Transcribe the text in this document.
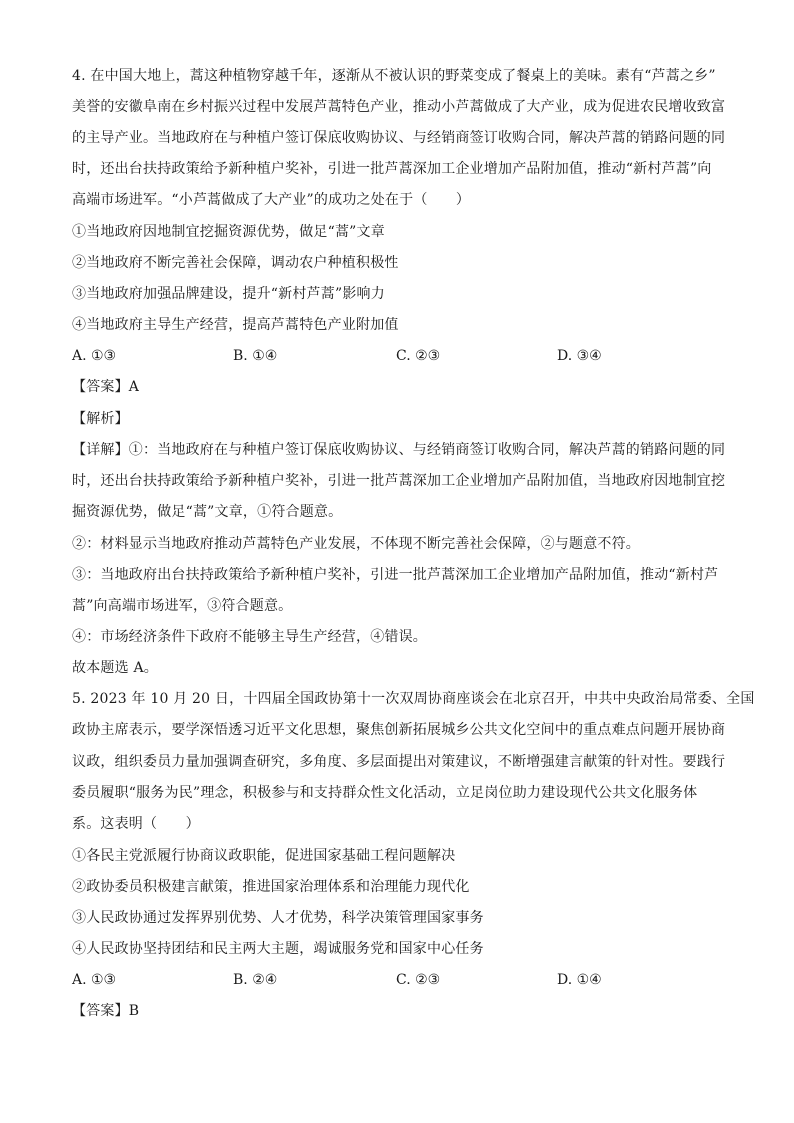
4. 在中国大地上，蒿这种植物穿越千年，逐渐从不被认识的野菜变成了餐桌上的美味。素有“芦蒿之乡”
美誉的安徽阜南在乡村振兴过程中发展芦蒿特色产业，推动小芦蒿做成了大产业，成为促进农民增收致富
的主导产业。当地政府在与种植户签订保底收购协议、与经销商签订收购合同，解决芦蒿的销路问题的同
时，还出台扶持政策给予新种植户奖补，引进一批芦蒿深加工企业增加产品附加值，推动“新村芦蒿”向
高端市场进军。“小芦蒿做成了大产业”的成功之处在于（　　）
①当地政府因地制宜挖掘资源优势，做足“蒿”文章
②当地政府不断完善社会保障，调动农户种植积极性
③当地政府加强品牌建设，提升“新村芦蒿”影响力
④当地政府主导生产经营，提高芦蒿特色产业附加值
A. ①③	B. ①④	C. ②③	D. ③④
【答案】A
【解析】
【详解】①：当地政府在与种植户签订保底收购协议、与经销商签订收购合同，解决芦蒿的销路问题的同
时，还出台扶持政策给予新种植户奖补，引进一批芦蒿深加工企业增加产品附加值，当地政府因地制宜挖
掘资源优势，做足“蒿”文章，①符合题意。
②：材料显示当地政府推动芦蒿特色产业发展，不体现不断完善社会保障，②与题意不符。
③：当地政府出台扶持政策给予新种植户奖补，引进一批芦蒿深加工企业增加产品附加值，推动“新村芦
蒿”向高端市场进军，③符合题意。
④：市场经济条件下政府不能够主导生产经营，④错误。
故本题选 A。
5. 2023 年 10 月 20 日，十四届全国政协第十一次双周协商座谈会在北京召开，中共中央政治局常委、全国
政协主席表示，要学深悟透习近平文化思想，聚焦创新拓展城乡公共文化空间中的重点难点问题开展协商
议政，组织委员力量加强调查研究，多角度、多层面提出对策建议，不断增强建言献策的针对性。要践行
委员履职“服务为民”理念，积极参与和支持群众性文化活动，立足岗位助力建设现代公共文化服务体
系。这表明（　　）
①各民主党派履行协商议政职能，促进国家基础工程问题解决
②政协委员积极建言献策，推进国家治理体系和治理能力现代化
③人民政协通过发挥界别优势、人才优势，科学决策管理国家事务
④人民政协坚持团结和民主两大主题，竭诚服务党和国家中心任务
A. ①③	B. ②④	C. ②③	D. ①④
【答案】B
